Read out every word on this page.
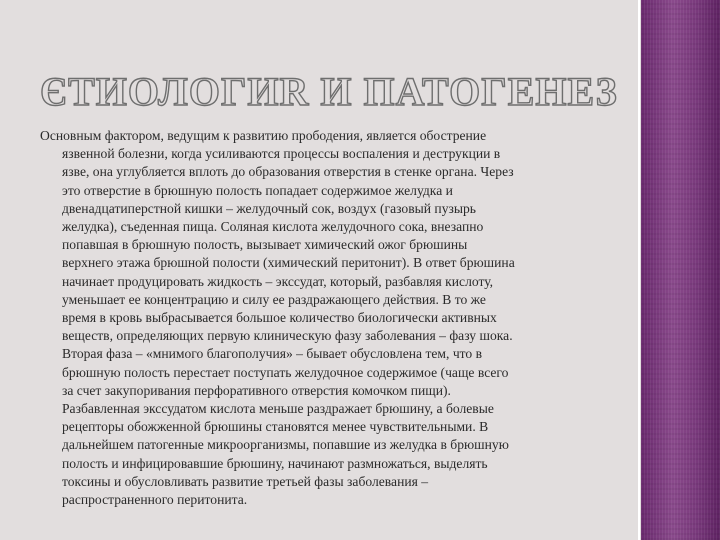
ЄТИОЛОГИR И ПАТОГЕНЕЗ
Основным фактором, ведущим к развитию прободения, является обострение
язвенной болезни, когда усиливаются процессы воспаления и деструкции в
язве, она углубляется вплоть до образования отверстия в стенке органа. Через
это отверстие в брюшную полость попадает содержимое желудка и
двенадцатиперстной кишки – желудочный сок, воздух (газовый пузырь
желудка), съеденная пища. Соляная кислота желудочного сока, внезапно
попавшая в брюшную полость, вызывает химический ожог брюшины
верхнего этажа брюшной полости (химический перитонит). В ответ брюшина
начинает продуцировать жидкость – экссудат, который, разбавляя кислоту,
уменьшает ее концентрацию и силу ее раздражающего действия. В то же
время в кровь выбрасывается большое количество биологически активных
веществ, определяющих первую клиническую фазу заболевания – фазу шока.
Вторая фаза – «мнимого благополучия» – бывает обусловлена тем, что в
брюшную полость перестает поступать желудочное содержимое (чаще всего
за счет закупоривания перфоративного отверстия комочком пищи).
Разбавленная экссудатом кислота меньше раздражает брюшину, а болевые
рецепторы обожженной брюшины становятся менее чувствительными. В
дальнейшем патогенные микроорганизмы, попавшие из желудка в брюшную
полость и инфицировавшие брюшину, начинают размножаться, выделять
токсины и обусловливать развитие третьей фазы заболевания –
распространенного перитонита.
